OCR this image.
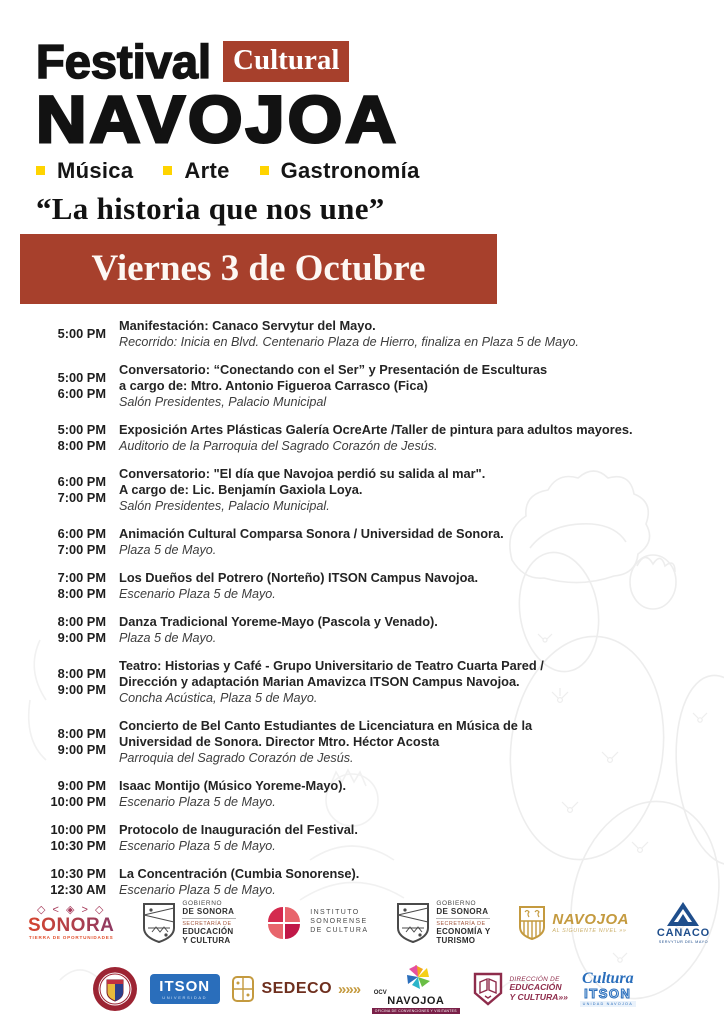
Festival Cultural
NAVOJOA
Música Arte Gastronomía
“La historia que nos une”
Viernes 3 de Octubre
5:00 PM
Manifestación: Canaco Servytur del Mayo.
Recorrido: Inicia en Blvd. Centenario Plaza de Hierro, finaliza en Plaza 5 de Mayo.
5:00 PM
6:00 PM
Conversatorio: “Conectando con el Ser” y Presentación de Esculturas
a cargo de: Mtro. Antonio Figueroa Carrasco (Fica)
Salón Presidentes, Palacio Municipal
5:00 PM
8:00 PM
Exposición Artes Plásticas Galería OcreArte /Taller de pintura para adultos mayores.
Auditorio de la Parroquia del Sagrado Corazón de Jesús.
6:00 PM
7:00 PM
Conversatorio: "El día que Navojoa perdió su salida al mar".
A cargo de: Lic. Benjamín Gaxiola Loya.
Salón Presidentes, Palacio Municipal.
6:00 PM
7:00 PM
Animación Cultural Comparsa Sonora / Universidad de Sonora.
Plaza 5 de Mayo.
7:00 PM
8:00 PM
Los Dueños del Potrero (Norteño) ITSON Campus Navojoa.
Escenario Plaza 5 de Mayo.
8:00 PM
9:00 PM
Danza Tradicional Yoreme-Mayo (Pascola y Venado).
Plaza 5 de Mayo.
8:00 PM
9:00 PM
Teatro: Historias y Café - Grupo Universitario de Teatro Cuarta Pared /
Dirección y adaptación Marian Amavizca ITSON Campus Navojoa.
Concha Acústica, Plaza 5 de Mayo.
8:00 PM
9:00 PM
Concierto de Bel Canto Estudiantes de Licenciatura en Música de la
Universidad de Sonora. Director Mtro. Héctor Acosta
Parroquia del Sagrado Corazón de Jesús.
9:00 PM
10:00 PM
Isaac Montijo (Músico Yoreme-Mayo).
Escenario Plaza 5 de Mayo.
10:00 PM
10:30 PM
Protocolo de Inauguración del Festival.
Escenario Plaza 5 de Mayo.
10:30 PM
12:30 AM
La Concentración (Cumbia Sonorense).
Escenario Plaza 5 de Mayo.
◇ < ◈ > ◇
SONORA
TIERRA DE OPORTUNIDADES
GOBIERNO
DE SONORA
SECRETARÍA DE
EDUCACIÓN
Y CULTURA
INSTITUTO
SONORENSE
DE CULTURA
GOBIERNO
DE SONORA
SECRETARÍA DE
ECONOMÍA Y
TURISMO
NAVOJOA
AL SIGUIENTE NIVEL »»	CANACO
SERVYTUR DEL MAYO
ITSON
UNIVERSIDAD	SEDECO »»» OCV
NAVOJOA
OFICINA DE CONVENCIONES Y VISITANTES
DIRECCIÓN DE
EDUCACIÓN
Y CULTURA»»
Cultura
ITSON
UNIDAD NAVOJOA
